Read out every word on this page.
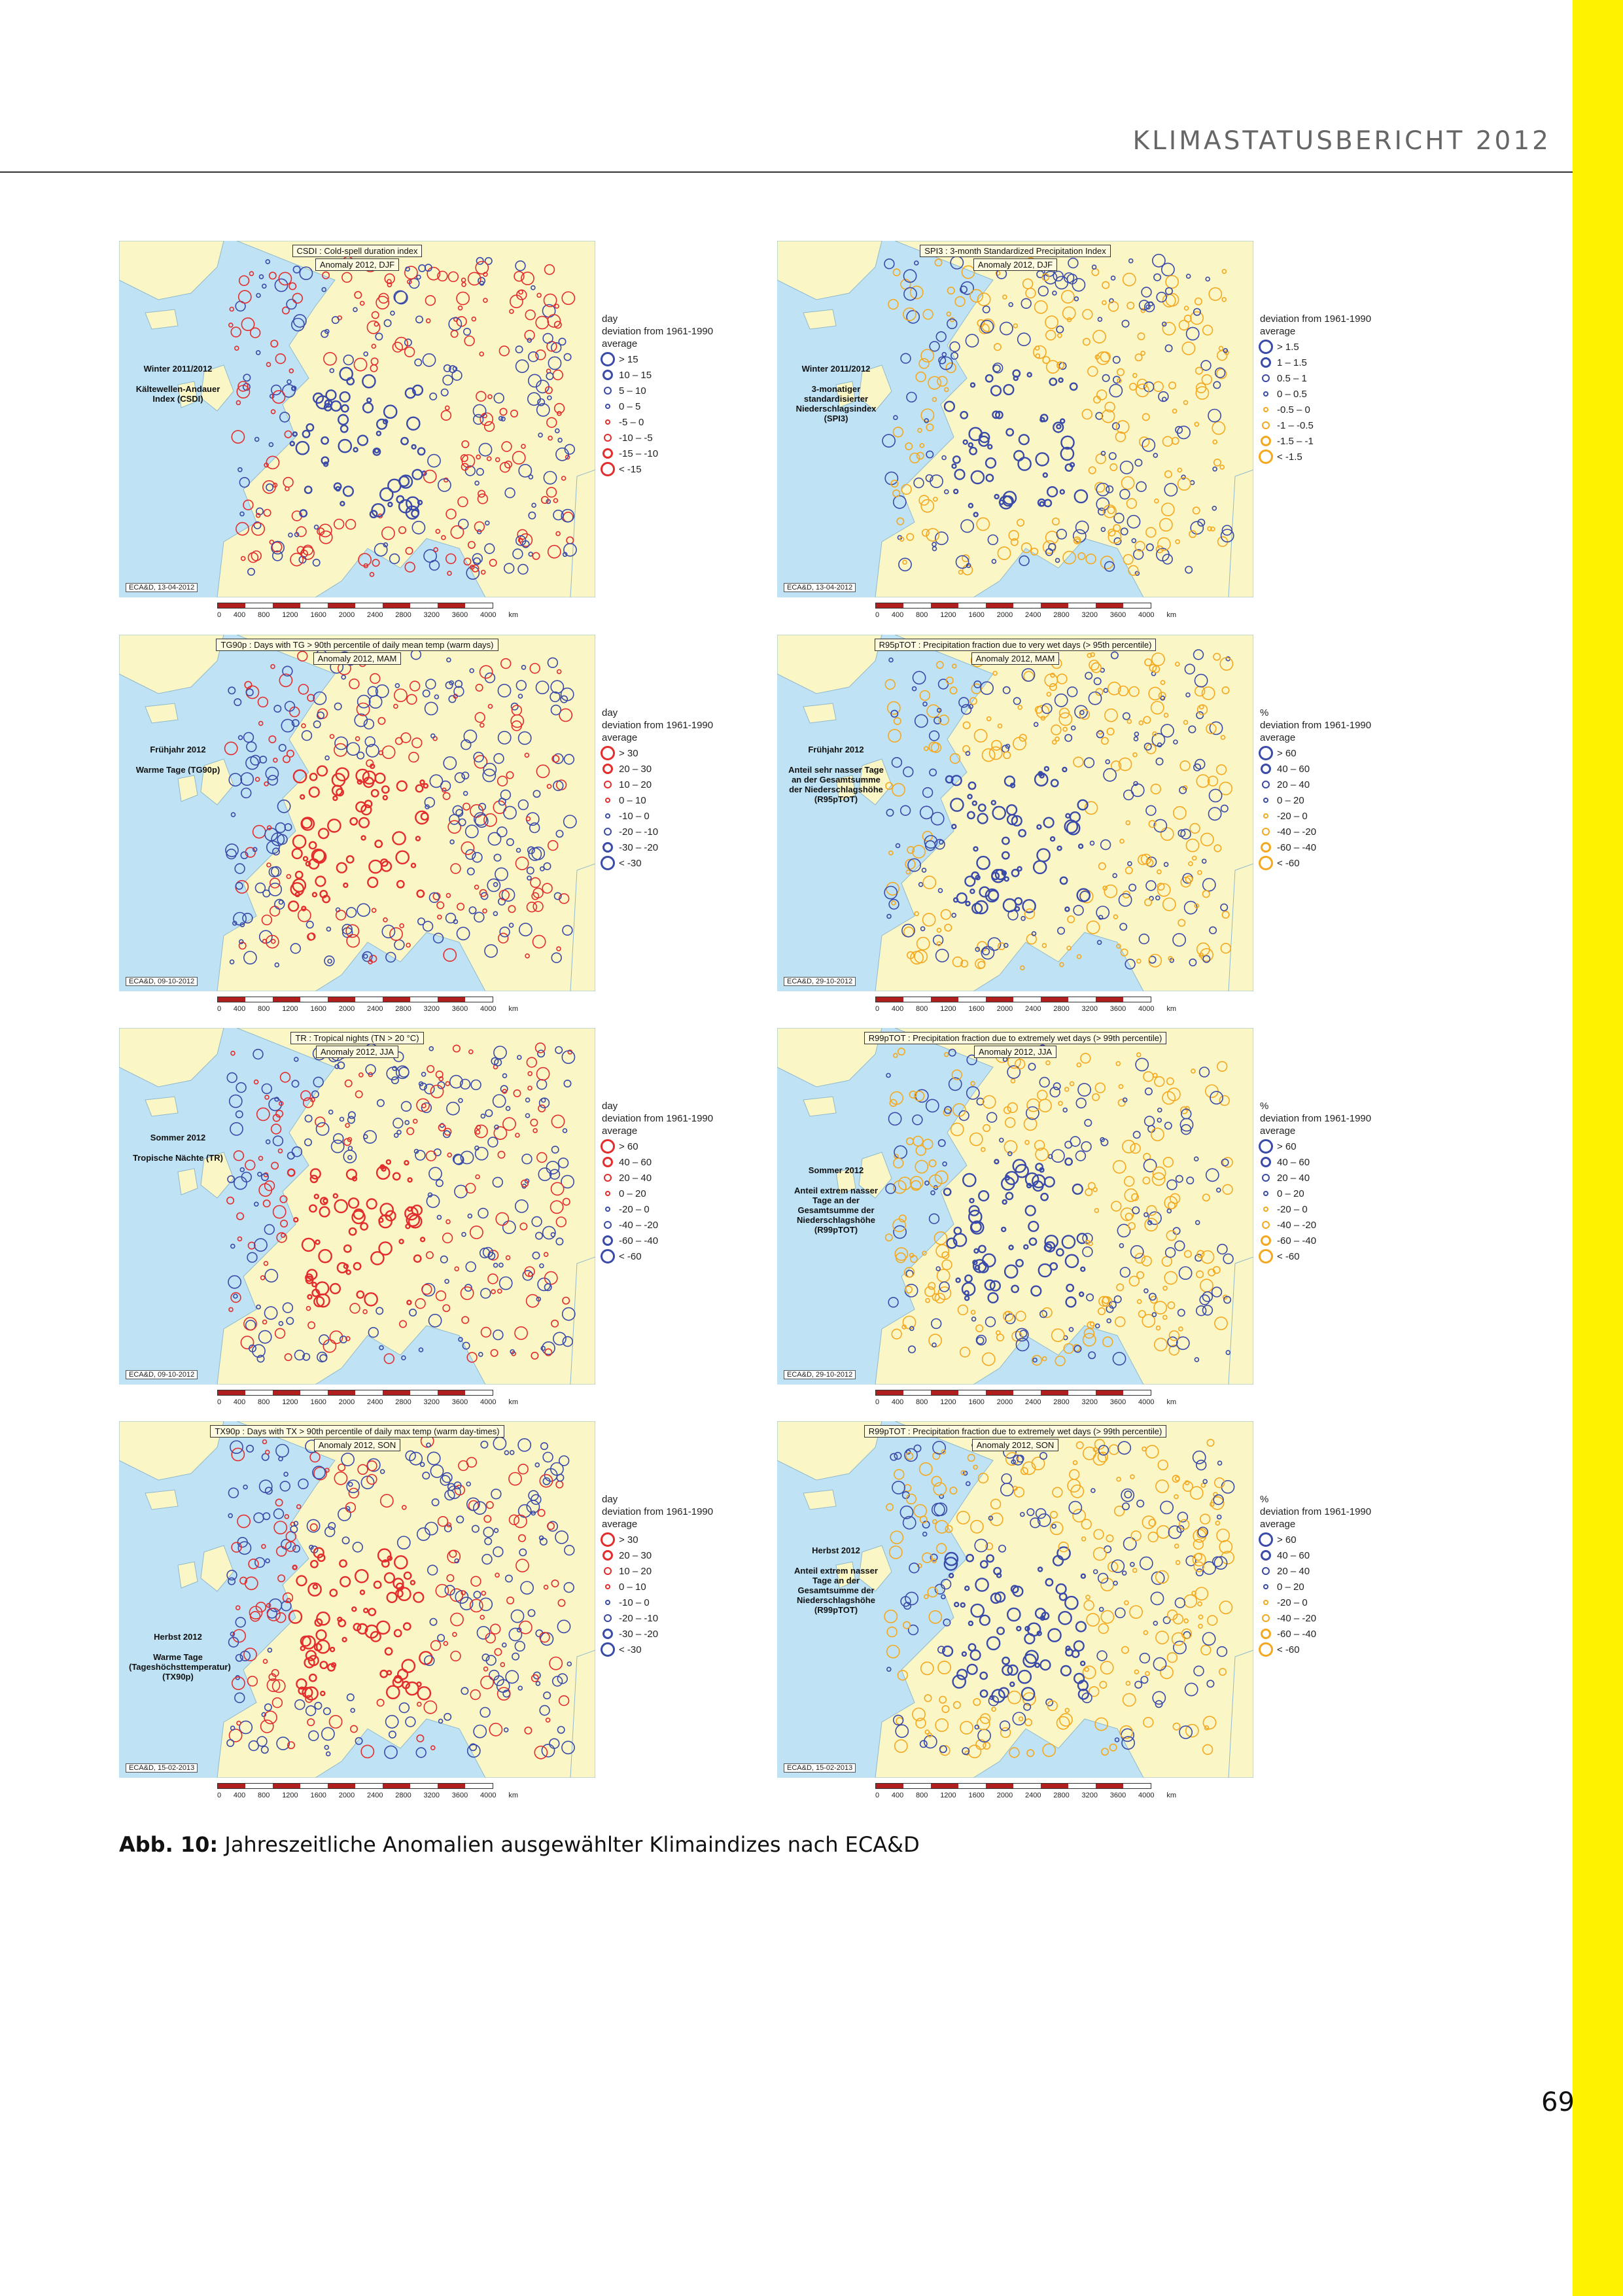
KLIMASTATUSBERICHT 2012
CSDI : Cold-spell duration index
Anomaly 2012, DJF
Winter 2011/2012
Kältewellen-Andauer Index (CSDI)
ECA&D, 13-04-2012
0 400 800 1200 1600 2000 2400 2800 3200 3600 4000 km
day
deviation from 1961-1990 average
> 15
10 – 15
5 – 10
0 – 5
-5 – 0
-10 – -5
-15 – -10
< -15
SPI3 : 3-month Standardized Precipitation Index
Anomaly 2012, DJF
Winter 2011/2012
3-monatiger standardisierter Niederschlagsindex (SPI3)
ECA&D, 13-04-2012
0 400 800 1200 1600 2000 2400 2800 3200 3600 4000 km
deviation from 1961-1990 average
> 1.5
1 – 1.5
0.5 – 1
0 – 0.5
-0.5 – 0
-1 – -0.5
-1.5 – -1
< -1.5
TG90p : Days with TG > 90th percentile of daily mean temp (warm days)
Anomaly 2012, MAM
Frühjahr 2012
Warme Tage (TG90p)
ECA&D, 09-10-2012
0 400 800 1200 1600 2000 2400 2800 3200 3600 4000 km
day
deviation from 1961-1990 average
> 30
20 – 30
10 – 20
0 – 10
-10 – 0
-20 – -10
-30 – -20
< -30
R95pTOT : Precipitation fraction due to very wet days (> 95th percentile)
Anomaly 2012, MAM
Frühjahr 2012
Anteil sehr nasser Tage an der Gesamtsumme der Niederschlagshöhe (R95pTOT)
ECA&D, 29-10-2012
0 400 800 1200 1600 2000 2400 2800 3200 3600 4000 km
%
deviation from 1961-1990 average
> 60
40 – 60
20 – 40
0 – 20
-20 – 0
-40 – -20
-60 – -40
< -60
TR : Tropical nights (TN > 20 °C)
Anomaly 2012, JJA
Sommer 2012
Tropische Nächte (TR)
ECA&D, 09-10-2012
0 400 800 1200 1600 2000 2400 2800 3200 3600 4000 km
day
deviation from 1961-1990 average
> 60
40 – 60
20 – 40
0 – 20
-20 – 0
-40 – -20
-60 – -40
< -60
R99pTOT : Precipitation fraction due to extremely wet days (> 99th percentile)
Anomaly 2012, JJA
Sommer 2012
Anteil extrem nasser Tage an der Gesamtsumme der Niederschlagshöhe (R99pTOT)
ECA&D, 29-10-2012
0 400 800 1200 1600 2000 2400 2800 3200 3600 4000 km
%
deviation from 1961-1990 average
> 60
40 – 60
20 – 40
0 – 20
-20 – 0
-40 – -20
-60 – -40
< -60
TX90p : Days with TX > 90th percentile of daily max temp (warm day-times)
Anomaly 2012, SON
Herbst 2012
Warme Tage (Tageshöchsttemperatur) (TX90p)
ECA&D, 15-02-2013
0 400 800 1200 1600 2000 2400 2800 3200 3600 4000 km
day
deviation from 1961-1990 average
> 30
20 – 30
10 – 20
0 – 10
-10 – 0
-20 – -10
-30 – -20
< -30
R99pTOT : Precipitation fraction due to extremely wet days (> 99th percentile)
Anomaly 2012, SON
Herbst 2012
Anteil extrem nasser Tage an der Gesamtsumme der Niederschlagshöhe (R99pTOT)
ECA&D, 15-02-2013
0 400 800 1200 1600 2000 2400 2800 3200 3600 4000 km
%
deviation from 1961-1990 average
> 60
40 – 60
20 – 40
0 – 20
-20 – 0
-40 – -20
-60 – -40
< -60
Abb. 10: Jahreszeitliche Anomalien ausgewählter Klimaindizes nach ECA&D
69
